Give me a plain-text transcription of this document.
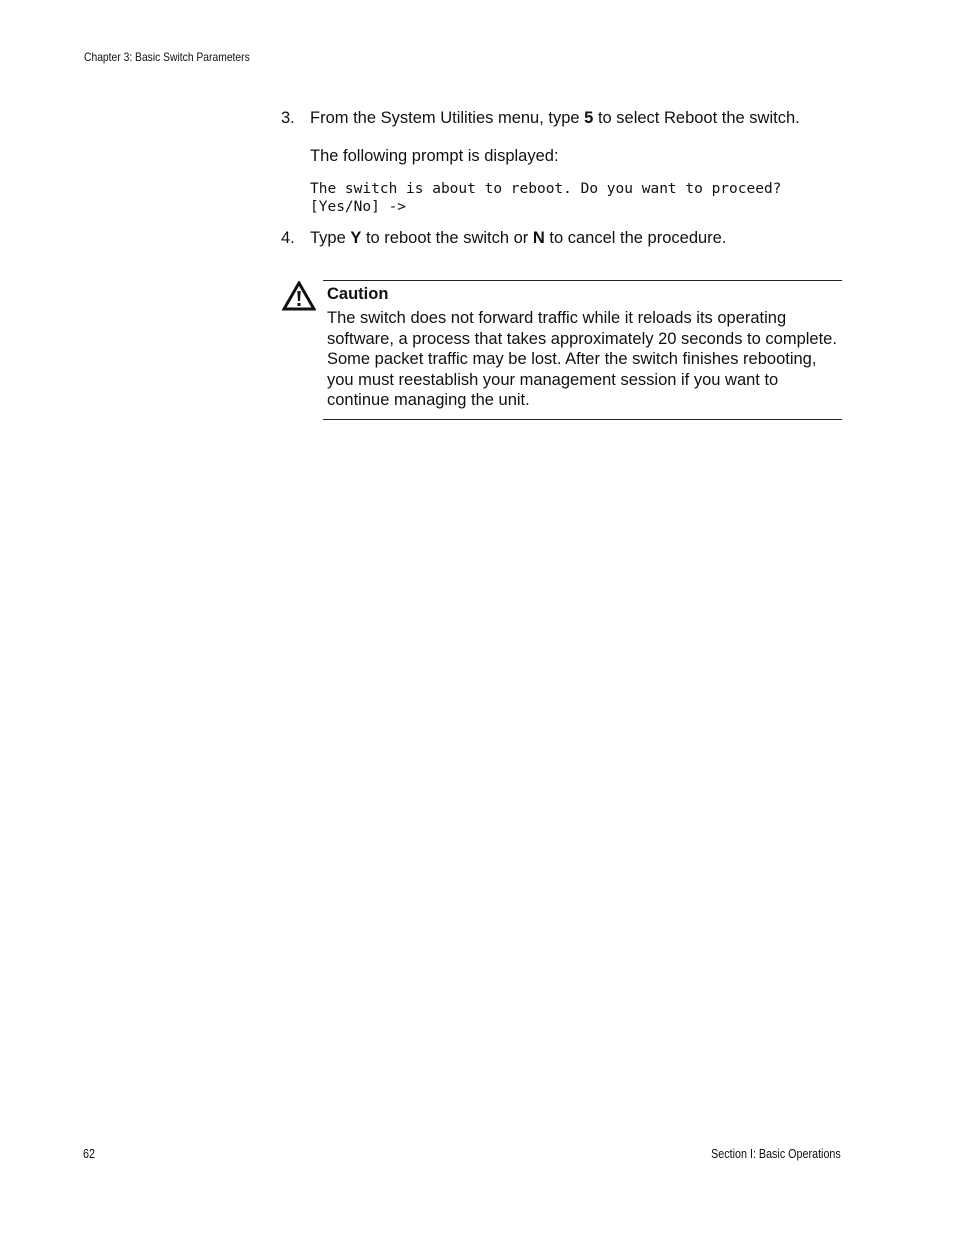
Chapter 3: Basic Switch Parameters
3. From the System Utilities menu, type 5 to select Reboot the switch.
The following prompt is displayed:
The switch is about to reboot. Do you want to proceed?
[Yes/No] ->
4. Type Y to reboot the switch or N to cancel the procedure.
Caution
The switch does not forward traffic while it reloads its operating software, a process that takes approximately 20 seconds to complete. Some packet traffic may be lost. After the switch finishes rebooting, you must reestablish your management session if you want to continue managing the unit.
62	Section I: Basic Operations
